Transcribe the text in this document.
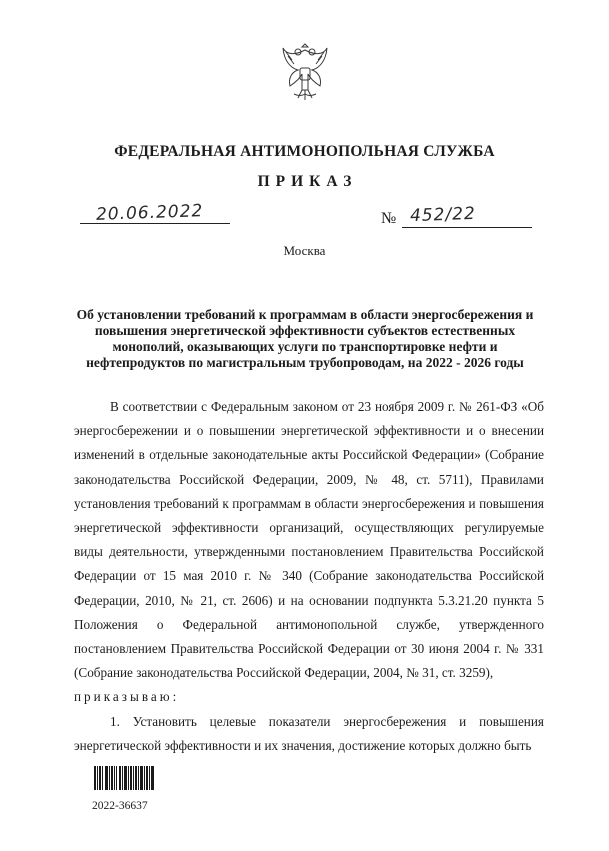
ФЕДЕРАЛЬНАЯ АНТИМОНОПОЛЬНАЯ СЛУЖБА
ПРИКАЗ
20.06.2022	№ 452/22
Москва
Об установлении требований к программам в области энергосбережения и повышения энергетической эффективности субъектов естественных монополий, оказывающих услуги по транспортировке нефти и нефтепродуктов по магистральным трубопроводам, на 2022 - 2026 годы

В соответствии с Федеральным законом от 23 ноября 2009 г. № 261-ФЗ «Об энергосбережении и о повышении энергетической эффективности и о внесении изменений в отдельные законодательные акты Российской Федерации» (Собрание законодательства Российской Федерации, 2009, № 48, ст. 5711), Правилами установления требований к программам в области энергосбережения и повышения энергетической эффективности организаций, осуществляющих регулируемые виды деятельности, утвержденными постановлением Правительства Российской Федерации от 15 мая 2010 г. № 340 (Собрание законодательства Российской Федерации, 2010, № 21, ст. 2606) и на основании подпункта 5.3.21.20 пункта 5 Положения о Федеральной антимонопольной службе, утвержденного постановлением Правительства Российской Федерации от 30 июня 2004 г. № 331 (Собрание законодательства Российской Федерации, 2004, № 31, ст. 3259),

приказываю:

1. Установить целевые показатели энергосбережения и повышения энергетической эффективности и их значения, достижение которых должно быть

2022-36637
